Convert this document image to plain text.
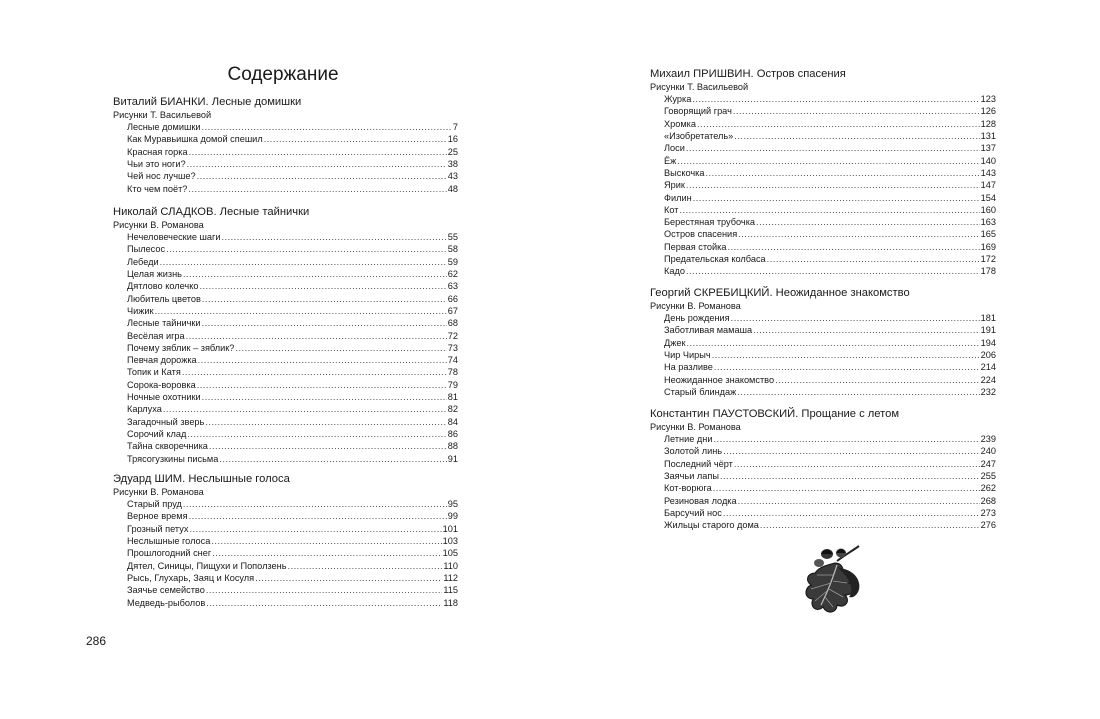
Содержание
Виталий БИАНКИ. Лесные домишки
Рисунки Т. Васильевой
Лесные домишки .....	7
Как Муравьишка домой спешил .....	16
Красная горка .....	25
Чьи это ноги? .....	38
Чей нос лучше? .....	43
Кто чем поёт? .....	48
Николай СЛАДКОВ. Лесные тайнички
Рисунки В. Романова
Нечеловеческие шаги .....	55
Пылесос .....	58
Лебеди .....	59
Целая жизнь .....	62
Дятлово колечко .....	63
Любитель цветов .....	66
Чижик .....	67
Лесные тайнички .....	68
Весёлая игра .....	72
Почему зяблик – зяблик? .....	73
Певчая дорожка .....	74
Топик и Катя .....	78
Сорока-воровка .....	79
Ночные охотники .....	81
Карлуха .....	82
Загадочный зверь .....	84
Сорочий клад .....	86
Тайна скворечника .....	88
Трясогузкины письма .....	91
Эдуард ШИМ. Неслышные голоса
Рисунки В. Романова
Старый пруд .....	95
Верное время .....	99
Грозный петух .....	101
Неслышные голоса .....	103
Прошлогодний снег .....	105
Дятел, Синицы, Пищухи и Поползень .....	110
Рысь, Глухарь, Заяц и Косуля .....	112
Заячье семейство .....	115
Медведь-рыболов .....	118
Михаил ПРИШВИН. Остров спасения
Рисунки Т. Васильевой
Журка .....	123
Говорящий грач .....	126
Хромка .....	128
«Изобретатель» .....	131
Лоси .....	137
Ёж .....	140
Выскочка .....	143
Ярик .....	147
Филин .....	154
Кот .....	160
Берестяная трубочка .....	163
Остров спасения .....	165
Первая стойка .....	169
Предательская колбаса .....	172
Кадо .....	178
Георгий СКРЕБИЦКИЙ. Неожиданное знакомство
Рисунки В. Романова
День рождения .....	181
Заботливая мамаша .....	191
Джек .....	194
Чир Чирыч .....	206
На разливе .....	214
Неожиданное знакомство .....	224
Старый блиндаж .....	232
Константин ПАУСТОВСКИЙ. Прощание с летом
Рисунки В. Романова
Летние дни .....	239
Золотой линь .....	240
Последний чёрт .....	247
Заячьи лапы .....	255
Кот-ворюга .....	262
Резиновая лодка .....	268
Барсучий нос .....	273
Жильцы старого дома .....	276
286
